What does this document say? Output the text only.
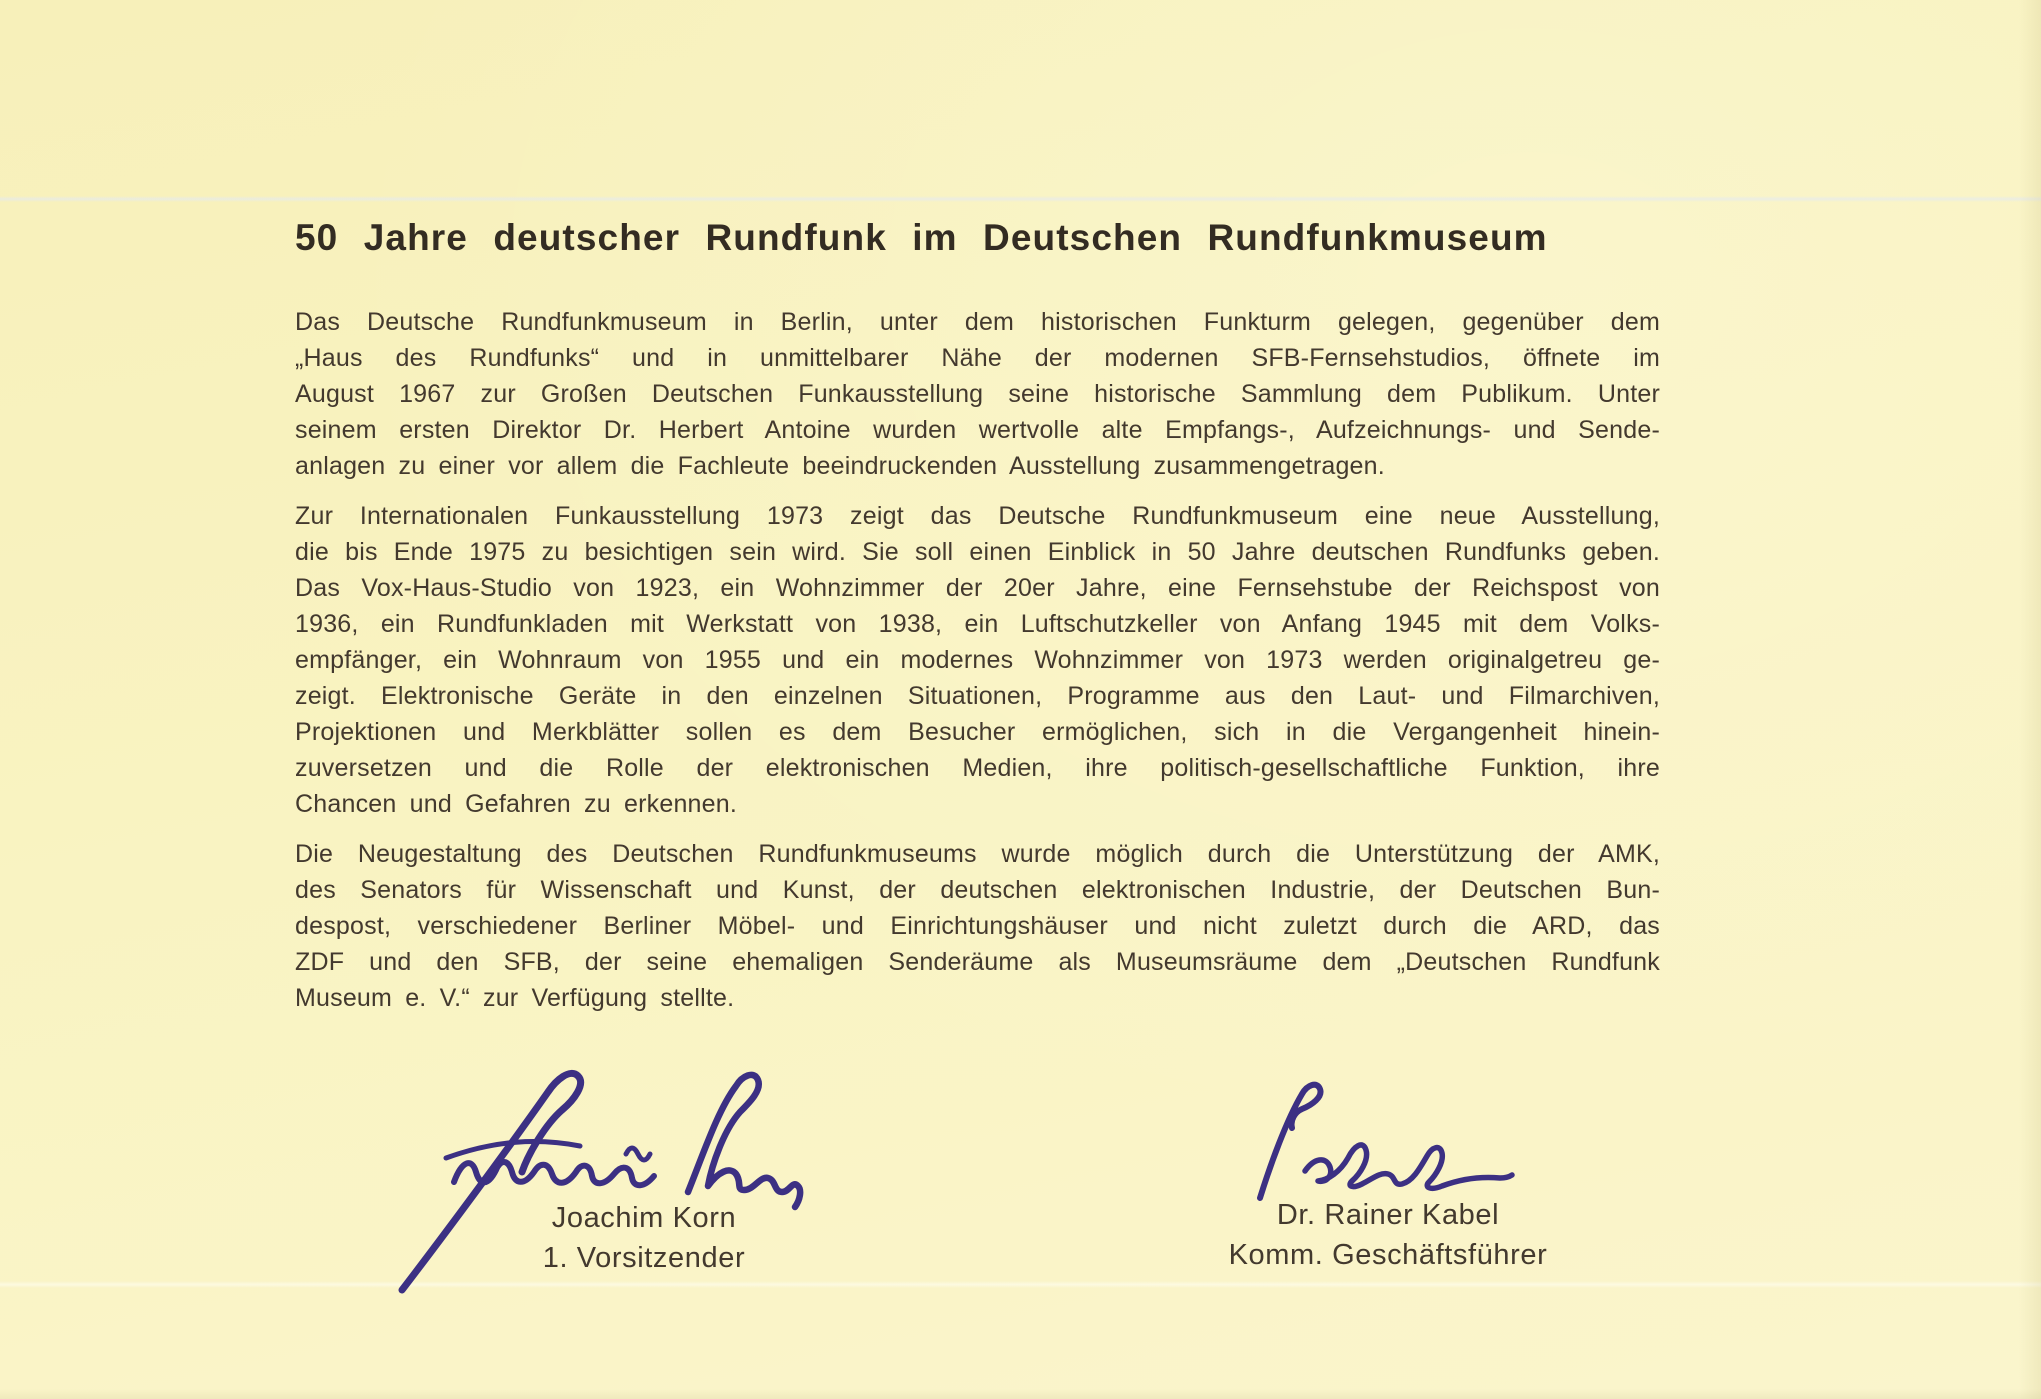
50 Jahre deutscher Rundfunk im Deutschen Rundfunkmuseum
Das Deutsche Rundfunkmuseum in Berlin, unter dem historischen Funkturm gelegen, gegenüber dem
„Haus des Rundfunks“ und in unmittelbarer Nähe der modernen SFB-Fernsehstudios, öffnete im
August 1967 zur Großen Deutschen Funkausstellung seine historische Sammlung dem Publikum. Unter
seinem ersten Direktor Dr. Herbert Antoine wurden wertvolle alte Empfangs-, Aufzeichnungs- und Sende-
anlagen zu einer vor allem die Fachleute beeindruckenden Ausstellung zusammengetragen.
Zur Internationalen Funkausstellung 1973 zeigt das Deutsche Rundfunkmuseum eine neue Ausstellung,
die bis Ende 1975 zu besichtigen sein wird. Sie soll einen Einblick in 50 Jahre deutschen Rundfunks geben.
Das Vox-Haus-Studio von 1923, ein Wohnzimmer der 20er Jahre, eine Fernsehstube der Reichspost von
1936, ein Rundfunkladen mit Werkstatt von 1938, ein Luftschutzkeller von Anfang 1945 mit dem Volks-
empfänger, ein Wohnraum von 1955 und ein modernes Wohnzimmer von 1973 werden originalgetreu ge-
zeigt. Elektronische Geräte in den einzelnen Situationen, Programme aus den Laut- und Filmarchiven,
Projektionen und Merkblätter sollen es dem Besucher ermöglichen, sich in die Vergangenheit hinein-
zuversetzen und die Rolle der elektronischen Medien, ihre politisch-gesellschaftliche Funktion, ihre
Chancen und Gefahren zu erkennen.
Die Neugestaltung des Deutschen Rundfunkmuseums wurde möglich durch die Unterstützung der AMK,
des Senators für Wissenschaft und Kunst, der deutschen elektronischen Industrie, der Deutschen Bun-
despost, verschiedener Berliner Möbel- und Einrichtungshäuser und nicht zuletzt durch die ARD, das
ZDF und den SFB, der seine ehemaligen Senderäume als Museumsräume dem „Deutschen Rundfunk
Museum e. V.“ zur Verfügung stellte.
Joachim Korn
1. Vorsitzender
Dr. Rainer Kabel
Komm. Geschäftsführer
